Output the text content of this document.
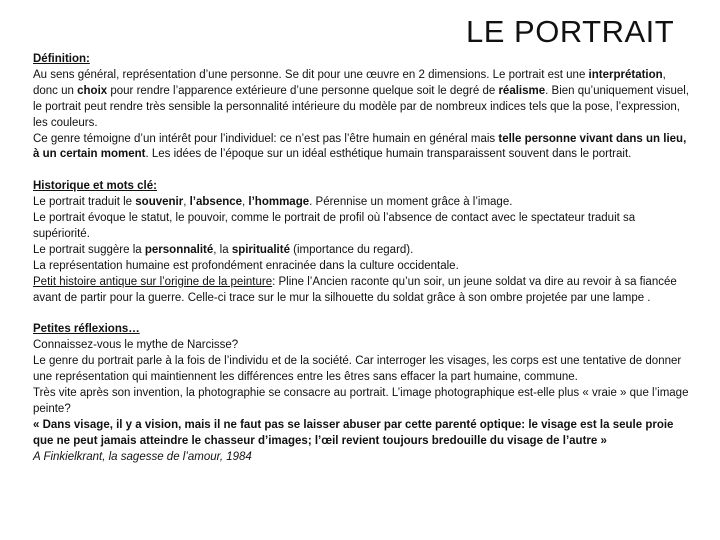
LE PORTRAIT

Définition:

Au sens général, représentation d’une personne. Se dit pour une œuvre en 2 dimensions. Le portrait est une interprétation, donc un choix pour rendre l’apparence extérieure d’une personne quelque soit le degré de réalisme. Bien qu’uniquement visuel, le portrait peut rendre très sensible la personnalité intérieure du modèle par de nombreux indices tels que la pose, l’expression, les couleurs.

Ce genre témoigne d’un intérêt pour l’individuel: ce n’est pas l’être humain en général mais telle personne vivant dans un lieu, à un certain moment. Les idées de l’époque sur un idéal esthétique humain transparaissent souvent dans le portrait.

Historique et mots clé:

Le portrait traduit le souvenir, l’absence, l’hommage. Pérennise un moment grâce à l’image.

Le portrait évoque le statut, le pouvoir, comme le portrait de profil où l’absence de contact avec le spectateur traduit sa supériorité.

Le portrait suggère la personnalité, la spiritualité (importance du regard).

La représentation humaine est profondément enracinée dans la culture occidentale.

Petit histoire antique sur l’origine de la peinture: Pline l’Ancien raconte qu’un soir, un jeune soldat va dire au revoir à sa fiancée avant de partir pour la guerre. Celle-ci trace sur le mur la silhouette du soldat grâce à son ombre projetée par une lampe .

Petites réflexions…

Connaissez-vous le mythe de Narcisse?

Le genre du portrait parle à la fois de l’individu et de la société. Car interroger les visages, les corps est une tentative de donner une représentation qui maintiennent les différences entre les êtres sans effacer la part humaine, commune.

Très vite après son invention, la photographie se consacre au portrait. L’image photographique est-elle plus « vraie » que l’image peinte?

« Dans visage, il y a vision, mais il ne faut pas se laisser abuser par cette parenté optique: le visage est la seule proie que ne peut jamais atteindre le chasseur d’images; l’œil revient toujours bredouille du visage de l’autre »

A Finkielkrant, la sagesse de l’amour, 1984
